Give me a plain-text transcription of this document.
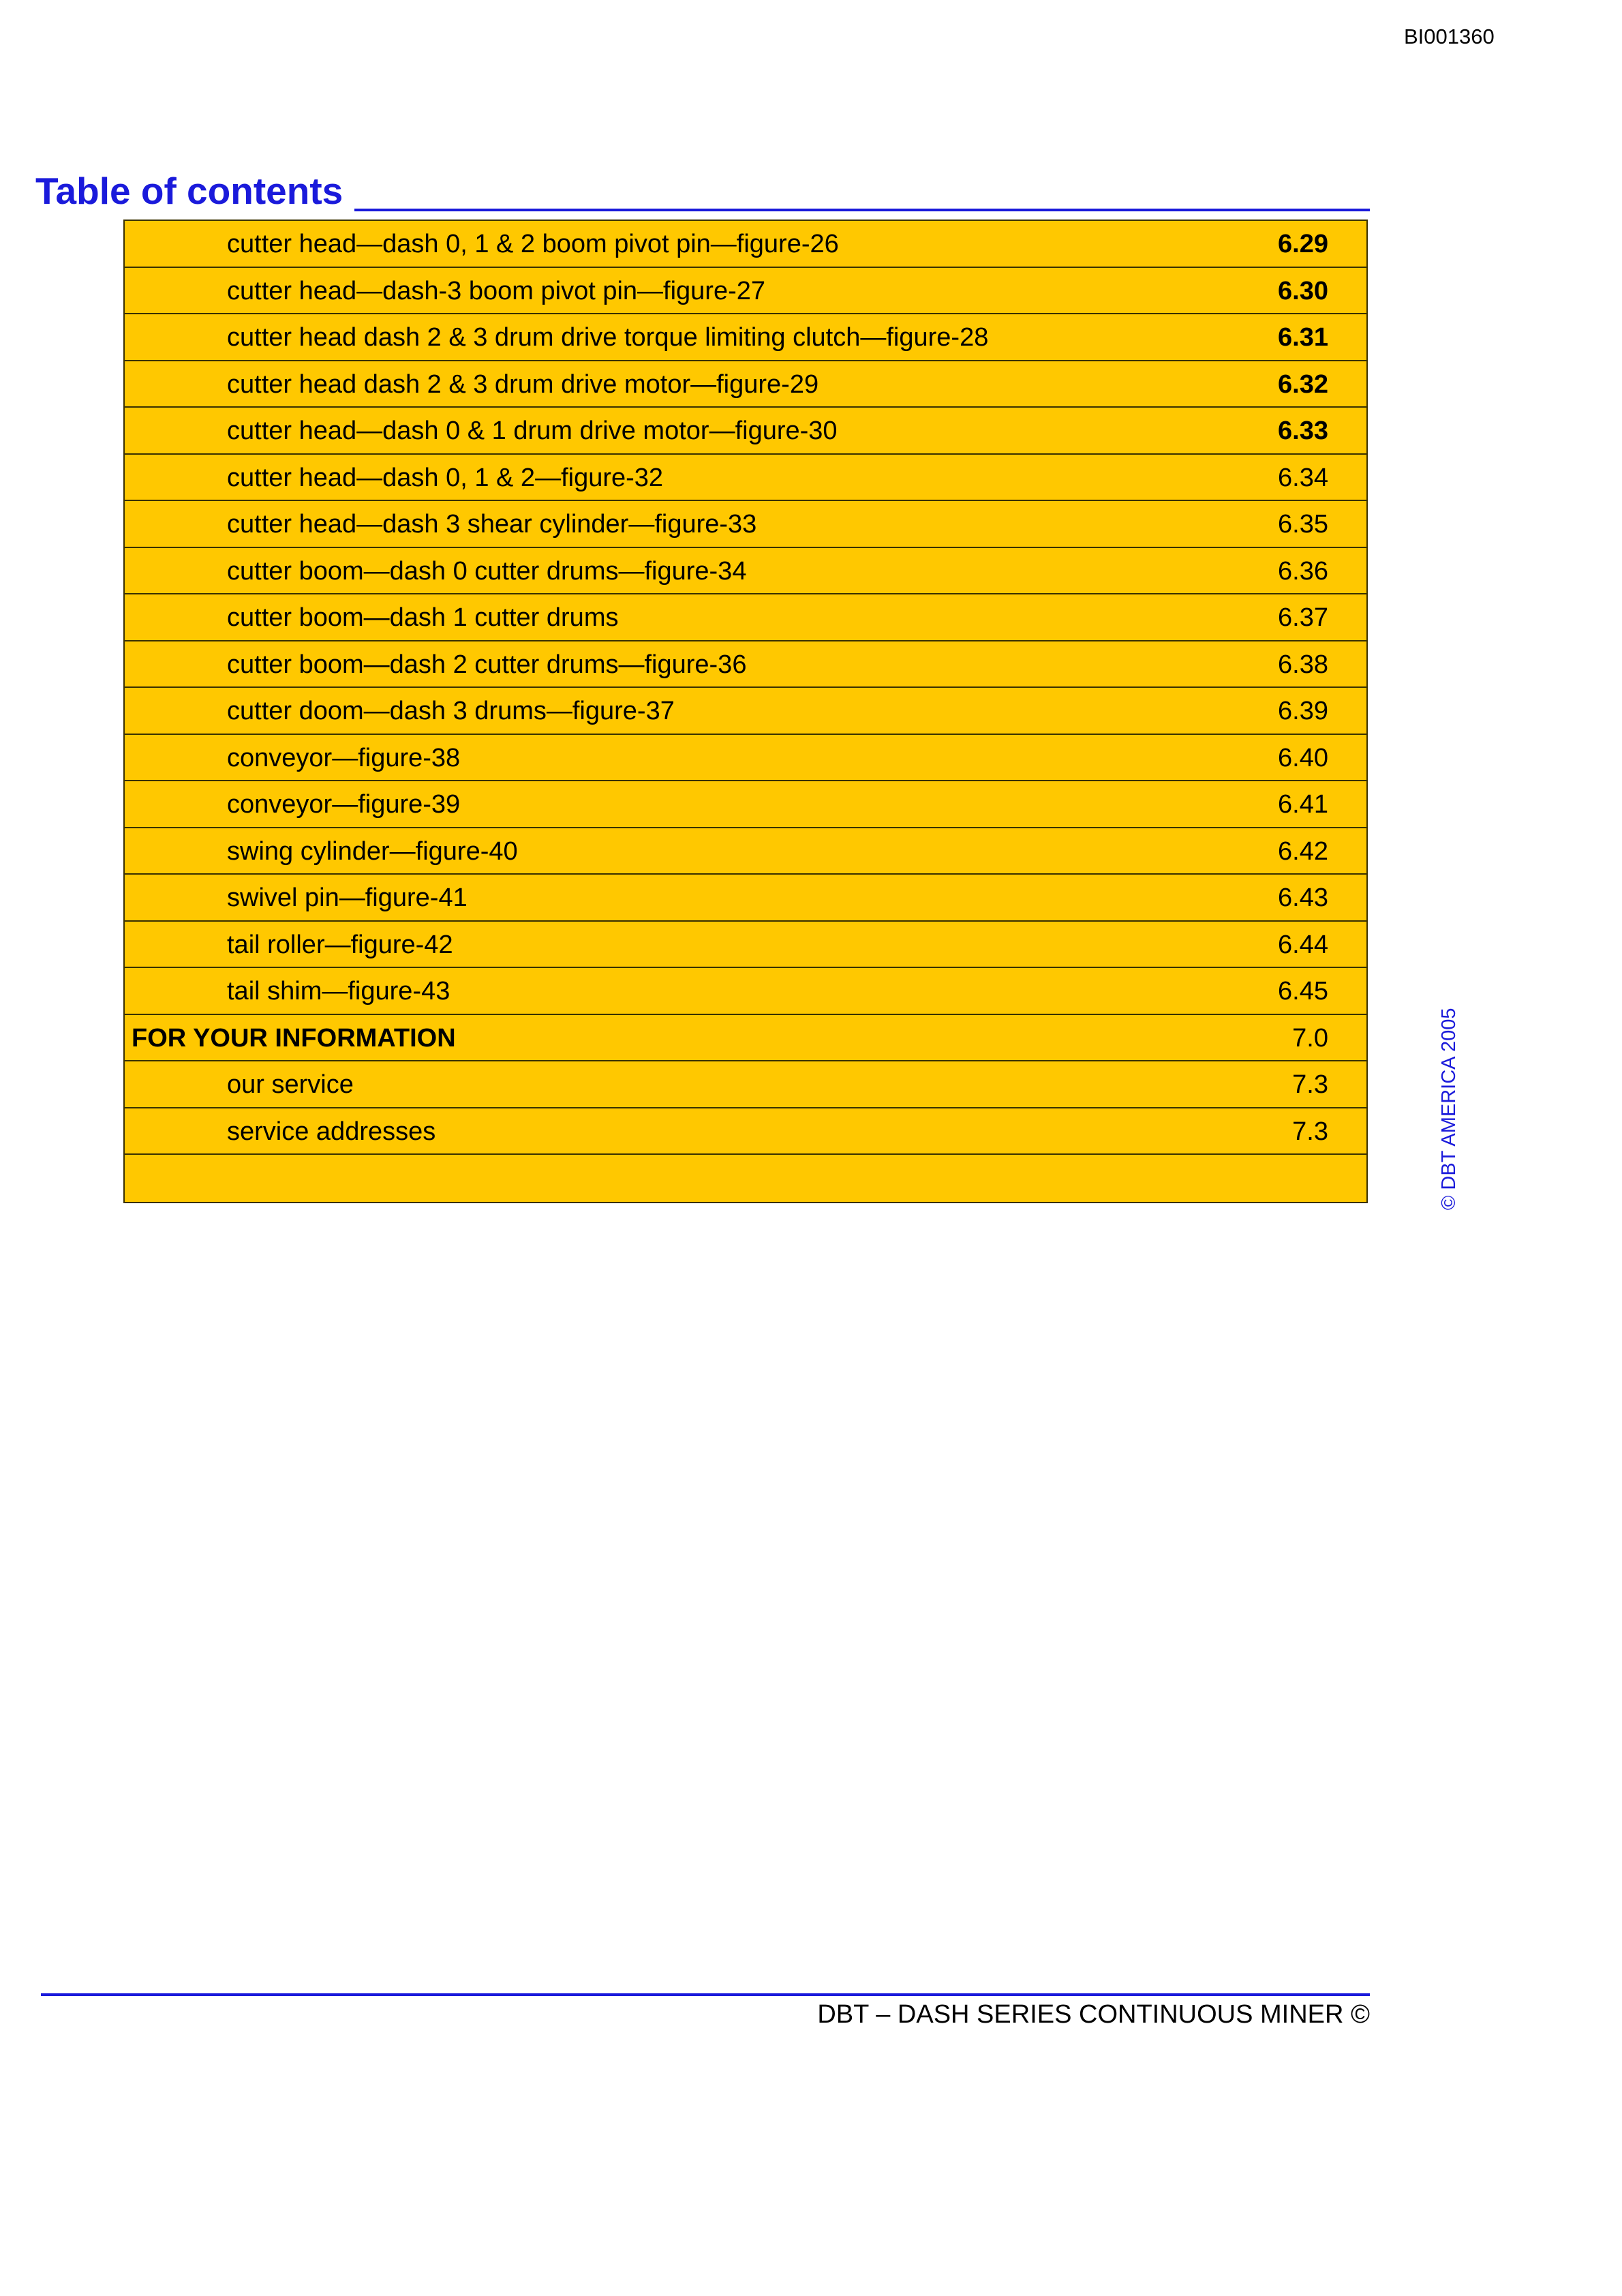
BI001360
Table of contents
cutter head—dash 0, 1 & 2 boom pivot pin—figure-26	6.29
cutter head—dash-3 boom pivot pin—figure-27	6.30
cutter head dash 2 & 3 drum drive torque limiting clutch—figure-28	6.31
cutter head dash 2 & 3 drum drive motor—figure-29	6.32
cutter head—dash 0 & 1 drum drive motor—figure-30	6.33
cutter head—dash 0, 1 & 2—figure-32	6.34
cutter head—dash 3 shear cylinder—figure-33	6.35
cutter boom—dash 0 cutter drums—figure-34	6.36
cutter boom—dash 1 cutter drums	6.37
cutter boom—dash 2 cutter drums—figure-36	6.38
cutter doom—dash 3 drums—figure-37	6.39
conveyor—figure-38	6.40
conveyor—figure-39	6.41
swing cylinder—figure-40	6.42
swivel pin—figure-41	6.43
tail roller—figure-42	6.44
tail shim—figure-43	6.45
FOR YOUR INFORMATION	7.0
our service	7.3
service addresses	7.3	© DBT AMERICA 2005
DBT – DASH SERIES CONTINUOUS MINER ©
